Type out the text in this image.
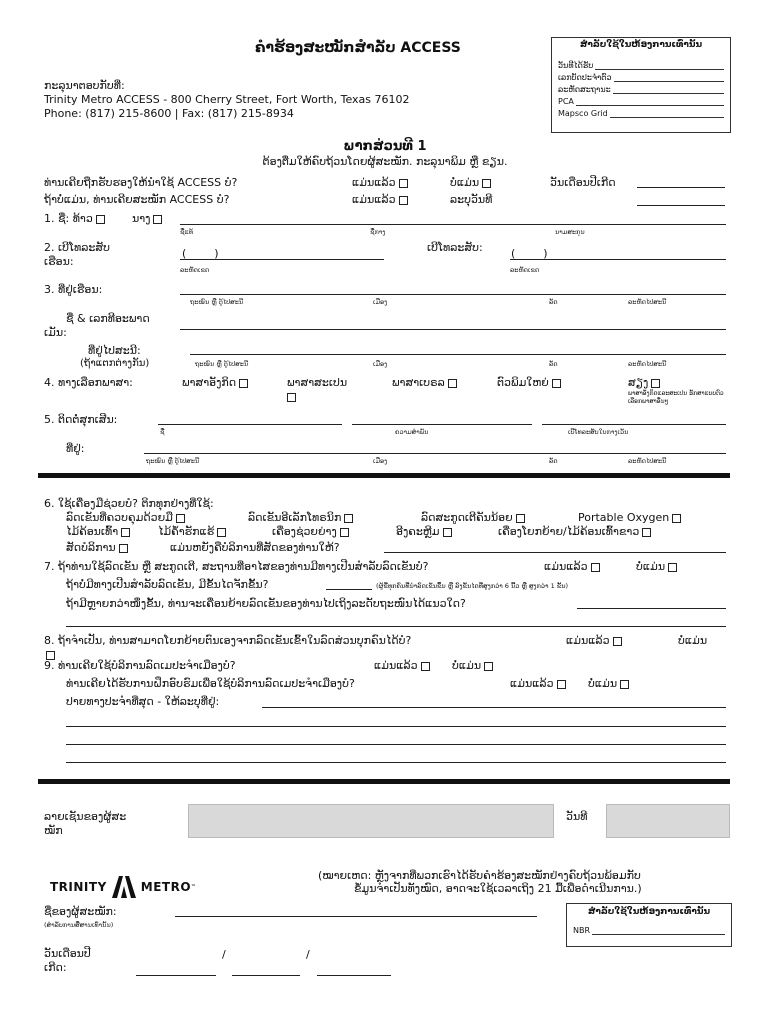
ຄໍາຮ້ອງສະໝັກສໍາລັບ ACCESS
ກະລຸນາຕອບກັບທີ່:
Trinity Metro ACCESS - 800 Cherry Street, Fort Worth, Texas 76102
Phone: (817) 215-8600 | Fax: (817) 215-8934
ສໍາລັບໃຊ້ໃນຫ້ອງການເທົ່ານັ້ນ
ວັນທີໄດ້ຮັບ
ເລກບັດປະຈໍາຕົວ
ລະຫັດສະຖານະ
PCA
Mapsco Grid
ພາກສ່ວນທີ 1
ຕ້ອງຕື່ມໃຫ້ຄົບຖ້ວນໂດຍຜູ້ສະໝັກ. ກະລຸນາພິມ ຫຼື ຂຽນ.
ທ່ານເຄີຍຖືກຮັບຮອງໃຫ້ນໍາໃຊ້ ACCESS ບໍ?	ແມ່ນແລ້ວ	ບໍ່ແມ່ນ	ວັນເດືອນປີເກີດ
ຖ້າບໍ່ແມ່ນ, ທ່ານເຄີຍສະໝັກ ACCESS ບໍ?	ແມ່ນແລ້ວ	ລະບຸວັນທີ
1. ຊື່: ທ້າວ	ນາງ
ຊື່ແທ້	ຊື່ກາງ	ນາມສະກຸນ
2. ເບີໂທລະສັບ
ເຮືອນ:
(        )
ລະຫັດເຂດ
ເບີໂທລະສັບ:	(        )
ລະຫັດເຂດ
3. ທີ່ຢູ່ເຮືອນ:
ຖະໜົນ ຫຼື ຕູ້ໄປສະນີ	ເມືອງ	ລັດ	ລະຫັດໄປສະນີ
ຊື່ & ເລກທີອະພາດ
ເມັນ:
ທີ່ຢູ່ໄປສະນີ:
(ຖ້າແຕກຕ່າງກັນ)	ຖະໜົນ ຫຼື ຕູ້ໄປສະນີ	ເມືອງ	ລັດ	ລະຫັດໄປສະນີ
4. ທາງເລືອກພາສາ:	ພາສາອັງກິດ	ພາສາສະເປນ	ພາສາເບຣລ	ຕົວພິມໃຫຍ່	ສຽງ
ພາສາອັງກິດແລະສະເປນ ຮັກສາແບບຕົວເລືອກພາສາອື່ນໆ
5. ຕິດຕໍ່ສຸກເສີນ:
ຊື່	ຄວາມສໍາພັນ	ເບີໂທລະສັບໃນກາງເວັນ
ທີ່ຢູ່:
ຖະໜົນ ຫຼື ຕູ້ໄປສະນີ	ເມືອງ	ລັດ	ລະຫັດໄປສະນີ
6. ໃຊ້ເຄື່ອງມືຊ່ວຍບໍ? ຕິກທຸກຢ່າງທີ່ໃຊ້:
ລົດເຂັນທີ່ຄວບຄຸມດ້ວຍມື	ລົດເຂັນອີເລັກໂທຣນິກ	ລົດສະກູດເຕີຄັນນ້ອຍ	Portable Oxygen
ໄມ້ຄ້ອນເທົ້າ	ໄມ້ຄ້ໍາຮັກແຮ້	ເຄື່ອງຊ່ວຍຍ່າງ	ອີງຄະຫຼີມ	ເຄື່ອງໂຍກຍ້າຍ/ໄມ້ຄ້ອນເທົ້າຂາວ
ສັດບໍລິການ	ແມ່ນຫຍັງຄືບໍລິການທີ່ສັດຂອງທ່ານໃຫ້?
7. ຖ້າທ່ານໃຊ້ລົດເຂັນ ຫຼື ສະກູດເຕີ, ສະຖານທີ່ອາໄສຂອງທ່ານມີທາງເປີນສໍາລັບລົດເຂັນບໍ?	ແມ່ນແລ້ວ	ບໍ່ແມ່ນ
ຖ້າບໍ່ມີທາງເປີນສໍາລັບລົດເຂັນ, ມີຂັ້ນໄດຈັກຂັ້ນ?	(ຜູ້ຂີ່ທຸກຄົນທີ່ນຳລົດເຂັນຂຶ້ນ ຫຼື ລົງຂັ້ນໄດທີ່ສູງກວ່າ 6 ນີ້ວ ຫຼື ສູງກວ່າ 1 ຂັ້ນ)
ຖ້າມີຫຼາຍກວ່າໜຶ່ງຂັ້ນ, ທ່ານຈະເຄື່ອນຍ້າຍລົດເຂັນຂອງທ່ານໄປເຖິງລະດັບຖະໜົນໄດ້ແນວໃດ?
8. ຖ້າຈໍາເປັນ, ທ່ານສາມາດໂຍກຍ້າຍຕົນເອງຈາກລົດເຂັນເຂົ້າໃນລົດສ່ວນບຸກຄົນໄດ້ບໍ?	ແມ່ນແລ້ວ	ບໍ່ແມ່ນ
9. ທ່ານເຄີຍໃຊ້ບໍລິການລົດເມປະຈໍາເມືອງບໍ?	ແມ່ນແລ້ວ	ບໍ່ແມ່ນ
ທ່ານເຄີຍໄດ້ຮັບການຝຶກອົບຮົມເພື່ອໃຊ້ບໍລິການລົດເມປະຈໍາເມືອງບໍ?	ແມ່ນແລ້ວ	ບໍ່ແມ່ນ
ປາຍທາງປະຈໍາທີ່ສຸດ - ໃຫ້ລະບຸທີ່ຢູ່:
ລາຍເຊັນຂອງຜູ້ສະ
ໝັກ
ວັນທີ
TRINITY	METRO ™
(ໝາຍເຫດ: ຫຼັງຈາກທີ່ພວກເຮົາໄດ້ຮັບຄໍາຮ້ອງສະໝັກຢ່າງຄົບຖ້ວນພ້ອມກັບ
ຂໍ້ມູນຈໍາເປັນທັງໝົດ, ອາດຈະໃຊ້ເວລາເຖິງ 21 ມື້ເພື່ອດໍາເນີນການ.)
ຊື່ຂອງຜູ້ສະໝັກ:
(ສໍາລັບການສື່ສານເທົ່ານັ້ນ)
ສໍາລັບໃຊ້ໃນຫ້ອງການເທົ່ານັ້ນ
NBR
ວັນເດືອນປີ
ເກີດ:
/	/
